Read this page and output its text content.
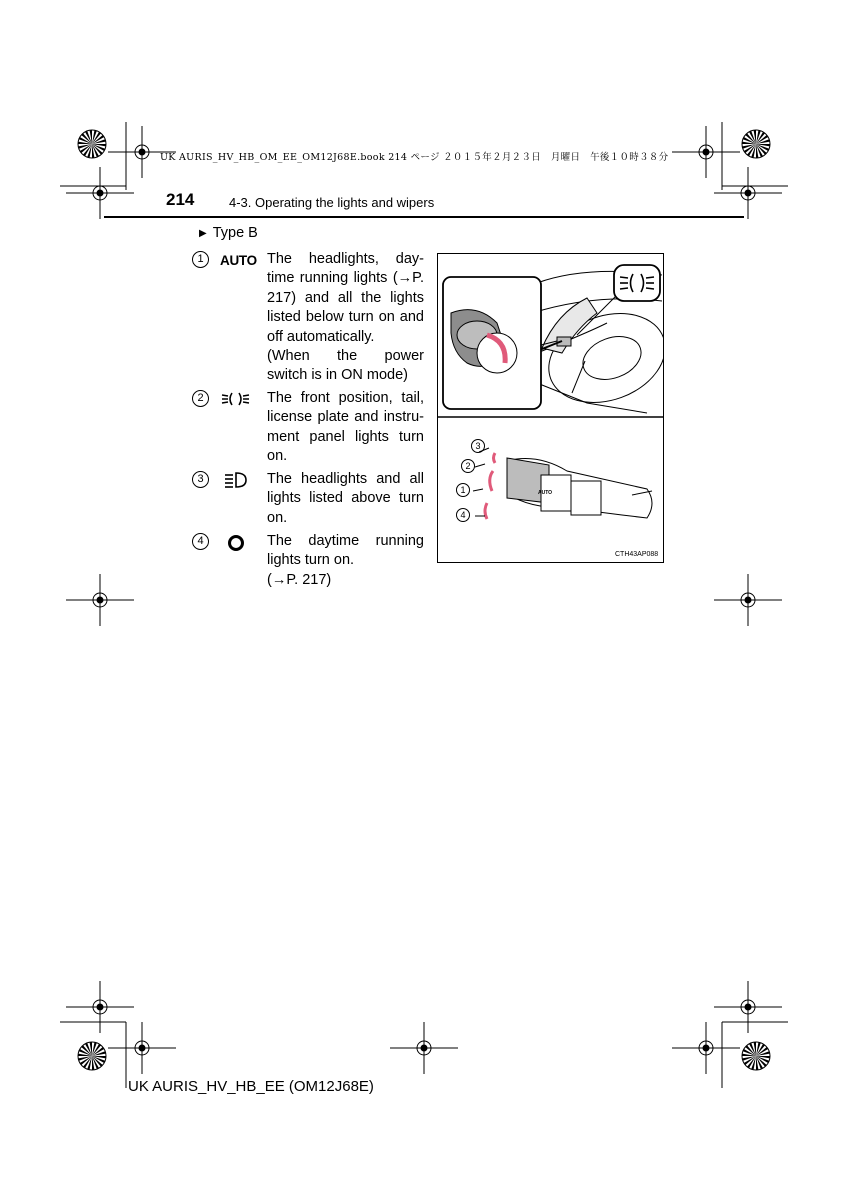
UK AURIS_HV_HB_OM_EE_OM12J68E.book 214 ページ ２０１５年２月２３日　月曜日　午後１０時３８分
214	4-3. Operating the lights and wipers
▶ Type B
1	AUTO The headlights, day-
time running lights (→P.
217) and all the lights
listed below turn on and
off automatically.
(When the power
switch is in ON mode)
2	The front position, tail,
license plate and instru-
ment panel lights turn
on.
3	The headlights and all
lights listed above turn
on.
4	The daytime running
lights turn on.
(→P. 217)
3
2
1
4
AUTO
CTH43AP088
UK AURIS_HV_HB_EE (OM12J68E)
